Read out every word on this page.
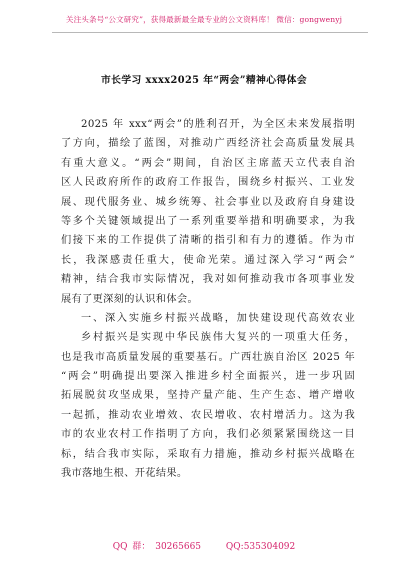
关注头条号“公文研究”，获得最新最全最专业的公文资料库！ 微信：gongwenyj
市长学习 xxxx2025 年“两会”精神心得体会
2025 年 xxx“两会”的胜利召开，为全区未来发展指明
了方向，描绘了蓝图，对推动广西经济社会高质量发展具
有重大意义。“两会”期间，自治区主席蓝天立代表自治
区人民政府所作的政府工作报告，围绕乡村振兴、工业发
展、现代服务业、城乡统筹、社会事业以及政府自身建设
等多个关键领域提出了一系列重要举措和明确要求，为我
们接下来的工作提供了清晰的指引和有力的遵循。作为市
长，我深感责任重大，使命光荣。通过深入学习“两会”
精神，结合我市实际情况，我对如何推动我市各项事业发
展有了更深刻的认识和体会。
一、深入实施乡村振兴战略，加快建设现代高效农业
乡村振兴是实现中华民族伟大复兴的一项重大任务，
也是我市高质量发展的重要基石。广西壮族自治区 2025 年
“两会”明确提出要深入推进乡村全面振兴，进一步巩固
拓展脱贫攻坚成果，坚持产量产能、生产生态、增产增收
一起抓，推动农业增效、农民增收、农村增活力。这为我
市的农业农村工作指明了方向，我们必须紧紧围绕这一目
标，结合我市实际，采取有力措施，推动乡村振兴战略在
我市落地生根、开花结果。
QQ 群： 30265665	QQ:535304092
